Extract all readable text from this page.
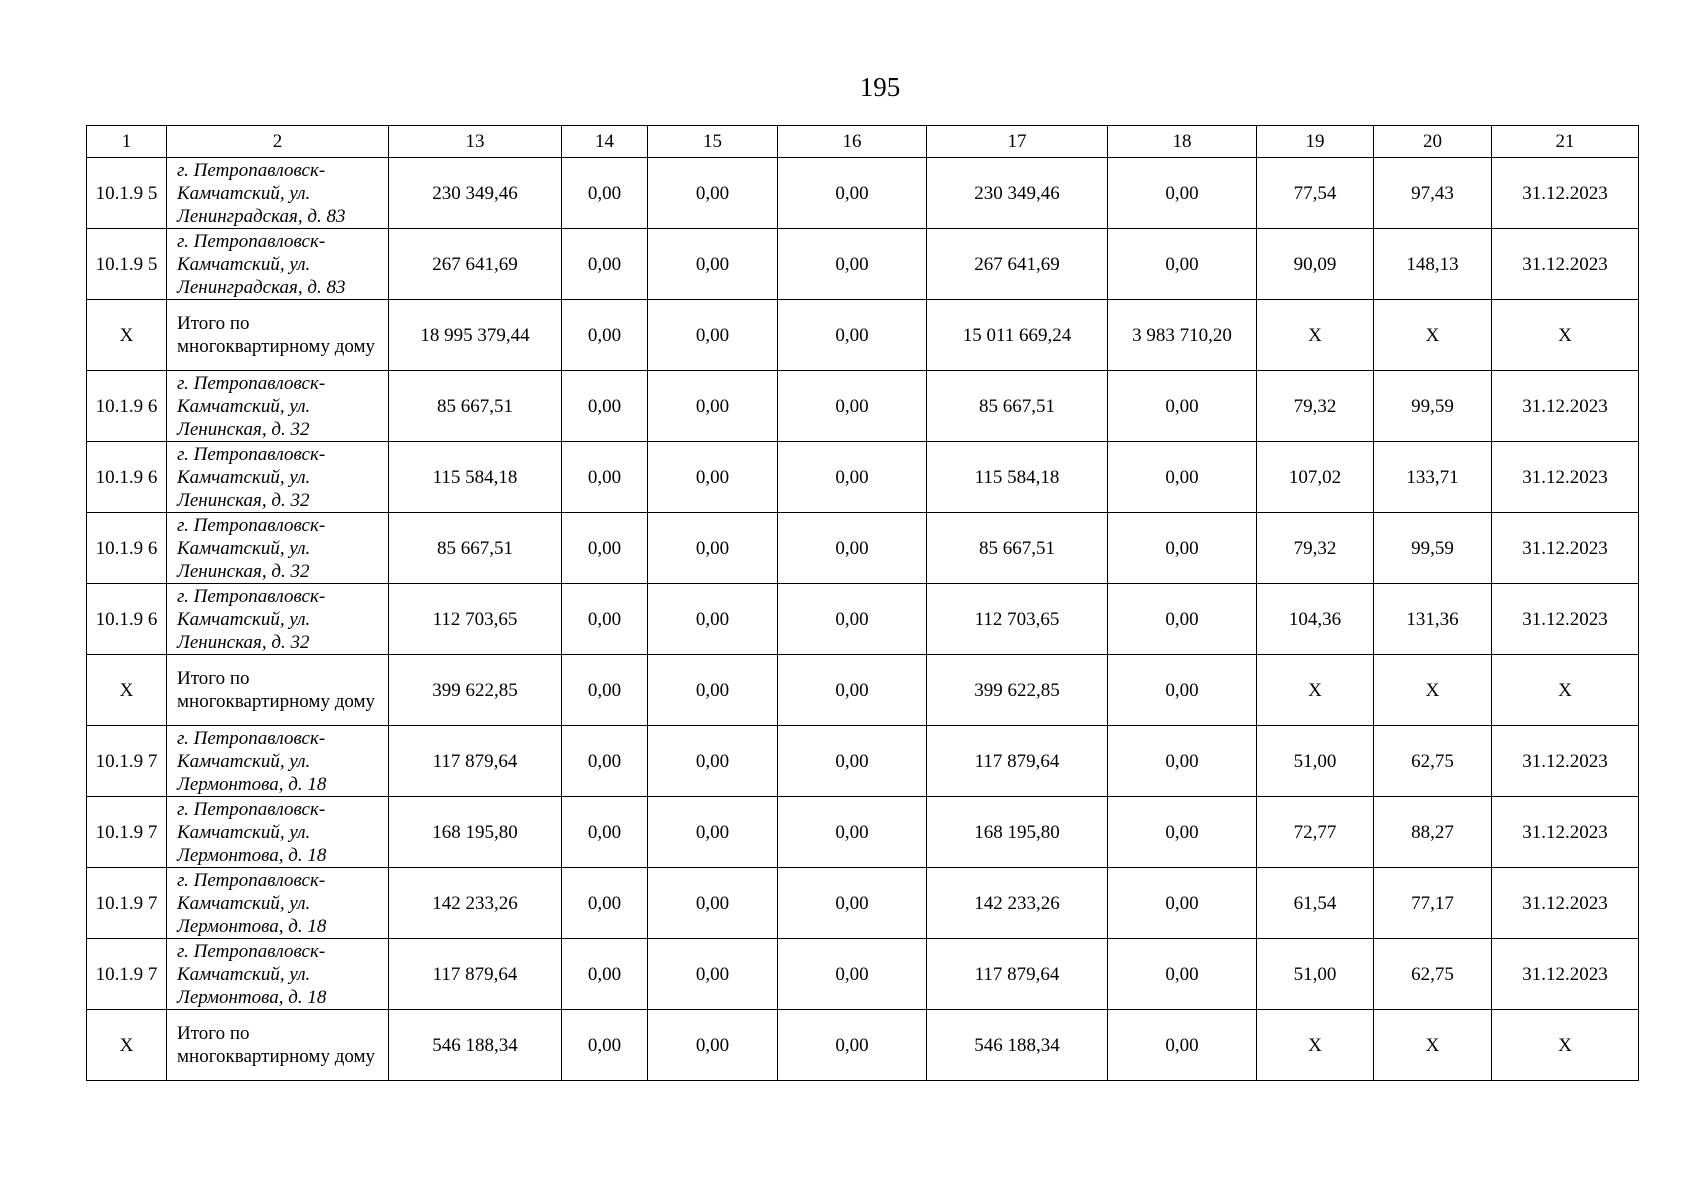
195
1	2	13	14	15	16	17	18	19	20	21
10.1.9 5	г. Петропавловск-Камчатский, ул. Ленинградская, д. 83	230 349,46	0,00	0,00	0,00	230 349,46	0,00	77,54	97,43	31.12.2023
10.1.9 5	г. Петропавловск-Камчатский, ул. Ленинградская, д. 83	267 641,69	0,00	0,00	0,00	267 641,69	0,00	90,09	148,13	31.12.2023
Х	Итого по многоквартирному дому	18 995 379,44	0,00	0,00	0,00	15 011 669,24	3 983 710,20	Х	Х	Х
10.1.9 6	г. Петропавловск-Камчатский, ул. Ленинская, д. 32	85 667,51	0,00	0,00	0,00	85 667,51	0,00	79,32	99,59	31.12.2023
10.1.9 6	г. Петропавловск-Камчатский, ул. Ленинская, д. 32	115 584,18	0,00	0,00	0,00	115 584,18	0,00	107,02	133,71	31.12.2023
10.1.9 6	г. Петропавловск-Камчатский, ул. Ленинская, д. 32	85 667,51	0,00	0,00	0,00	85 667,51	0,00	79,32	99,59	31.12.2023
10.1.9 6	г. Петропавловск-Камчатский, ул. Ленинская, д. 32	112 703,65	0,00	0,00	0,00	112 703,65	0,00	104,36	131,36	31.12.2023
Х	Итого по многоквартирному дому	399 622,85	0,00	0,00	0,00	399 622,85	0,00	Х	Х	Х
10.1.9 7	г. Петропавловск-Камчатский, ул. Лермонтова, д. 18	117 879,64	0,00	0,00	0,00	117 879,64	0,00	51,00	62,75	31.12.2023
10.1.9 7	г. Петропавловск-Камчатский, ул. Лермонтова, д. 18	168 195,80	0,00	0,00	0,00	168 195,80	0,00	72,77	88,27	31.12.2023
10.1.9 7	г. Петропавловск-Камчатский, ул. Лермонтова, д. 18	142 233,26	0,00	0,00	0,00	142 233,26	0,00	61,54	77,17	31.12.2023
10.1.9 7	г. Петропавловск-Камчатский, ул. Лермонтова, д. 18	117 879,64	0,00	0,00	0,00	117 879,64	0,00	51,00	62,75	31.12.2023
Х	Итого по многоквартирному дому	546 188,34	0,00	0,00	0,00	546 188,34	0,00	Х	Х	Х
